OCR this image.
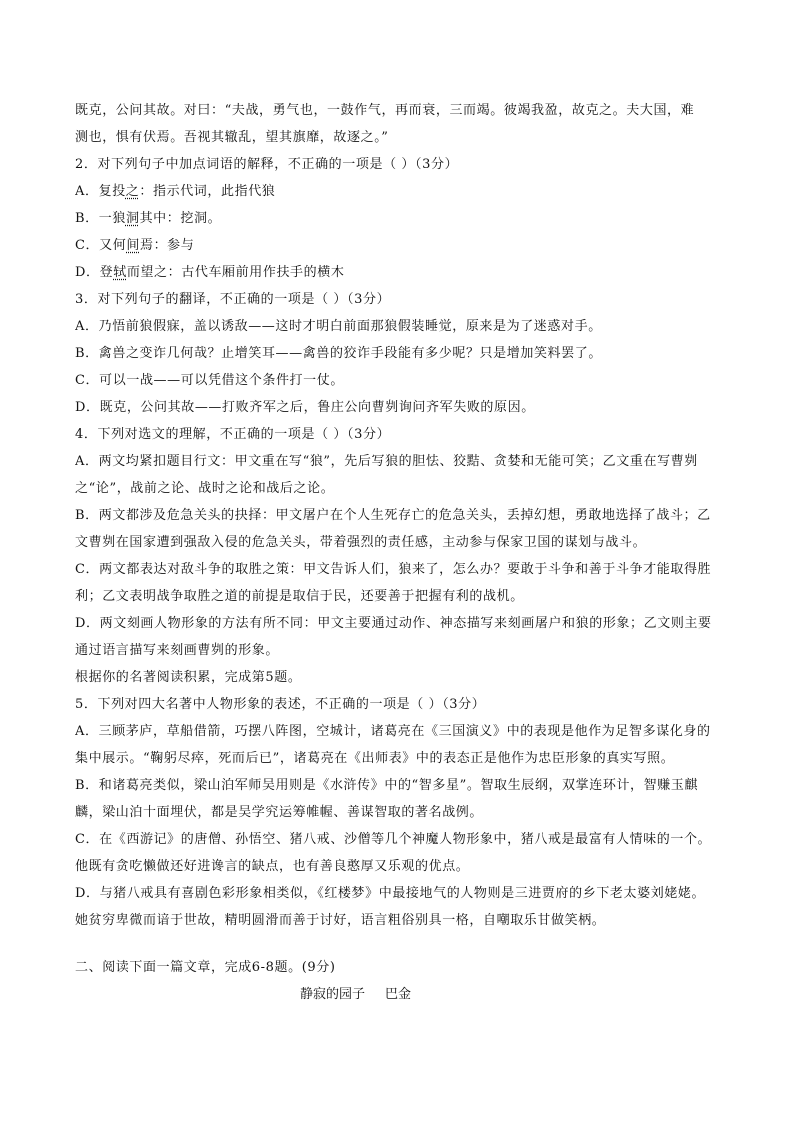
既克，公问其故。对曰：“夫战，勇气也，一鼓作气，再而衰，三而竭。彼竭我盈，故克之。夫大国，难
测也，惧有伏焉。吾视其辙乱，望其旗靡，故逐之。”
2．对下列句子中加点词语的解释，不正确的一项是（ ）（3分）
A．复投之：指示代词，此指代狼
B．一狼洞其中：挖洞。
C．又何间焉：参与
D．登轼而望之：古代车厢前用作扶手的横木
3．对下列句子的翻译，不正确的一项是（ ）（3分）
A．乃悟前狼假寐，盖以诱敌——这时才明白前面那狼假装睡觉，原来是为了迷惑对手。
B．禽兽之变诈几何哉？止增笑耳——禽兽的狡诈手段能有多少呢？只是增加笑料罢了。
C．可以一战——可以凭借这个条件打一仗。
D．既克，公问其故——打败齐军之后，鲁庄公向曹刿询问齐军失败的原因。
4．下列对选文的理解，不正确的一项是（ ）（3分）
A．两文均紧扣题目行文：甲文重在写“狼”，先后写狼的胆怯、狡黠、贪婪和无能可笑；乙文重在写曹刿
之“论”，战前之论、战时之论和战后之论。
B．两文都涉及危急关头的抉择：甲文屠户在个人生死存亡的危急关头，丢掉幻想，勇敢地选择了战斗；乙
文曹刿在国家遭到强敌入侵的危急关头，带着强烈的责任感，主动参与保家卫国的谋划与战斗。
C．两文都表达对敌斗争的取胜之策：甲文告诉人们，狼来了，怎么办？要敢于斗争和善于斗争才能取得胜
利；乙文表明战争取胜之道的前提是取信于民，还要善于把握有利的战机。
D．两文刻画人物形象的方法有所不同：甲文主要通过动作、神态描写来刻画屠户和狼的形象；乙文则主要
通过语言描写来刻画曹刿的形象。
根据你的名著阅读积累，完成第5题。
5．下列对四大名著中人物形象的表述，不正确的一项是（ ）（3分）
A．三顾茅庐，草船借箭，巧摆八阵图，空城计，诸葛亮在《三国演义》中的表现是他作为足智多谋化身的
集中展示。“鞠躬尽瘁，死而后已”，诸葛亮在《出师表》中的表态正是他作为忠臣形象的真实写照。
B．和诸葛亮类似，梁山泊军师吴用则是《水浒传》中的“智多星”。智取生辰纲，双掌连环计，智赚玉麒
麟，梁山泊十面埋伏，都是吴学究运筹帷幄、善谋智取的著名战例。
C．在《西游记》的唐僧、孙悟空、猪八戒、沙僧等几个神魔人物形象中，猪八戒是最富有人情味的一个。
他既有贪吃懒做还好进谗言的缺点，也有善良憨厚又乐观的优点。
D．与猪八戒具有喜剧色彩形象相类似，《红楼梦》中最接地气的人物则是三进贾府的乡下老太婆刘姥姥。
她贫穷卑微而谙于世故，精明圆滑而善于讨好，语言粗俗别具一格，自嘲取乐甘做笑柄。
二、阅读下面一篇文章，完成6-8题。(9分)
静寂的园子 巴金
